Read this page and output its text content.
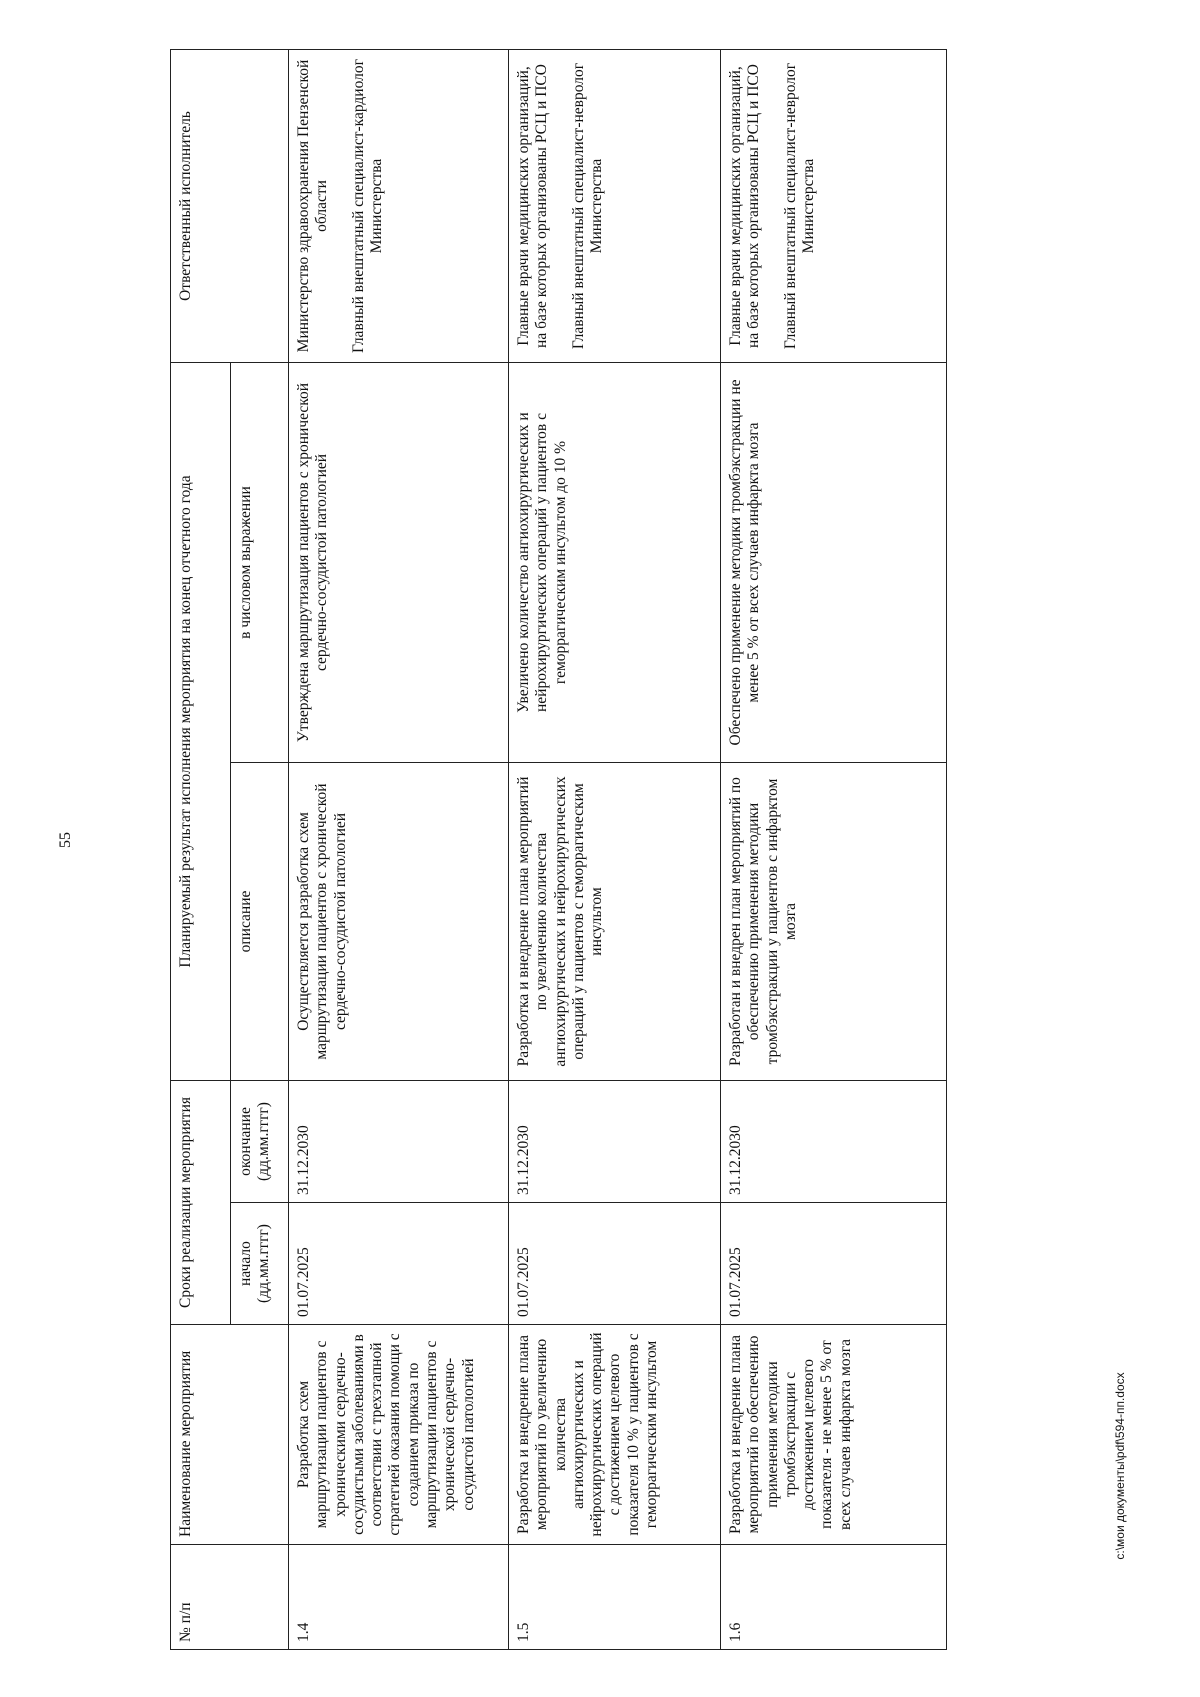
55
№ п/п	Наименование мероприятия	Сроки реализации мероприятия		Планируемый результат исполнения мероприятия на конец отчетного года		Ответственный исполнитель
		начало (дд.мм.гггг)	окончание (дд.мм.гггг)	описание	в числовом выражении	
1.4	Разработка схем маршрутизации пациентов с хроническими сердечно-сосудистыми заболеваниями в соответствии с трехэтапной стратегией оказания помощи с созданием приказа по маршрутизации пациентов с хронической сердечно-сосудистой патологией	01.07.2025	31.12.2030	Осуществляется разработка схем маршрутизации пациентов с хронической сердечно-сосудистой патологией	Утверждена маршрутизация пациентов с хронической сердечно-сосудистой патологией	Министерство здравоохранения Пензенской области Главный внештатный специалист-кардиолог Министерства

1.5	Разработка и внедрение плана мероприятий по увеличению количества ангиохирургических и нейрохирургических операций с достижением целевого показателя 10 % у пациентов с геморрагическим инсультом	01.07.2025	31.12.2030	Разработка и внедрение плана мероприятий по увеличению количества ангиохирургических и нейрохирургических операций у пациентов с геморрагическим инсультом	Увеличено количество ангиохирургических и нейрохирургических операций у пациентов с геморрагическим инсультом до 10 %	Главные врачи медицинских организаций, на базе которых организованы РСЦ и ПСО Главный внештатный специалист-невролог Министерства

1.6	Разработка и внедрение плана мероприятий по обеспечению применения методики тромбэкстракции с достижением целевого показателя - не менее 5 % от всех случаев инфаркта мозга	01.07.2025	31.12.2030	Разработан и внедрен план мероприятий по обеспечению применения методики тромбэкстракции у пациентов с инфарктом мозга	Обеспечено применение методики тромбэкстракции не менее 5 % от всех случаев инфаркта мозга	Главные врачи медицинских организаций, на базе которых организованы РСЦ и ПСО Главный внештатный специалист-невролог Министерства
c:\мои документы\pdf\594-пп.docx
